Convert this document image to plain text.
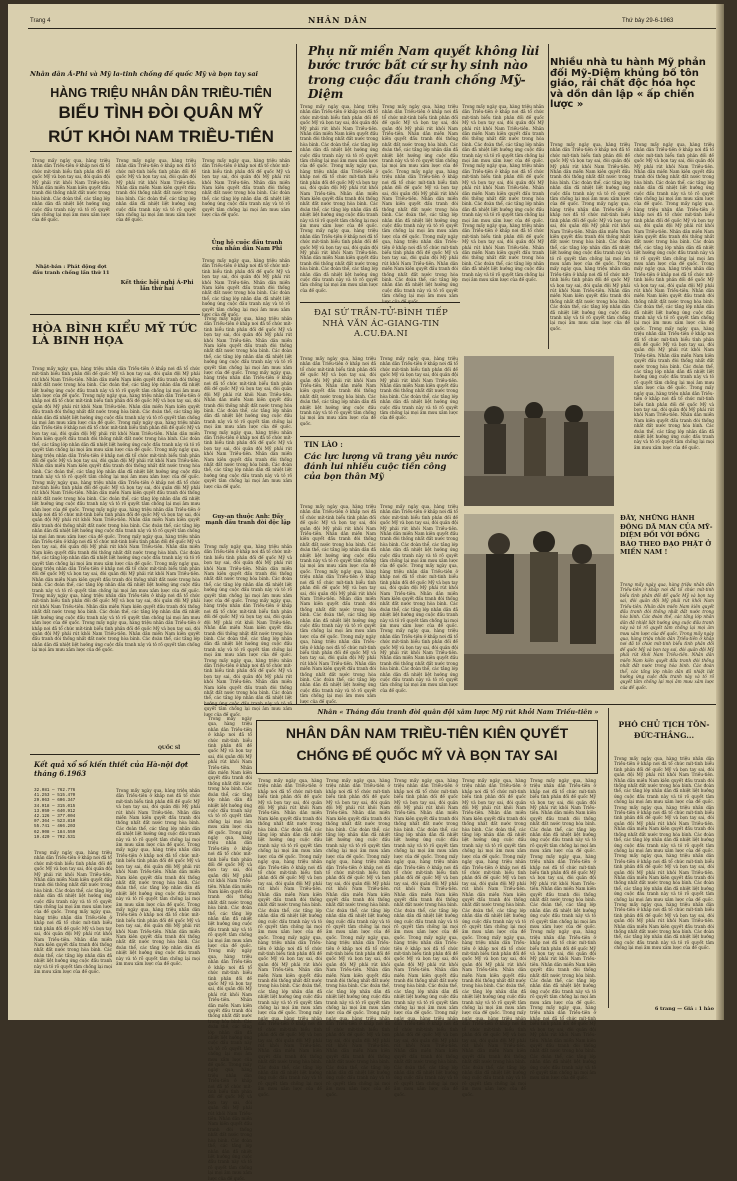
Trang 4	NHÂN DÂN	Thứ bảy 29-6-1963
Nhân dân Á-Phi và Mỹ la-tinh chống đế quốc Mỹ và bọn tay sai
HÀNG TRIỆU NHÂN DÂN TRIỀU-TIÊN
BIỂU TÌNH ĐÒI QUÂN MỸ
RÚT KHỎI NAM TRIỀU-TIÊN
Trong mấy ngày qua, hàng triệu nhân dân Triều-tiên ở khắp nơi đã tổ chức mít-tinh biểu tình phản đối đế quốc Mỹ và bọn tay sai, đòi quân đội Mỹ phải rút khỏi Nam Triều-tiên. Nhân dân miền Nam kiên quyết đấu tranh đòi thống nhất đất nước trong hòa bình. Các đoàn thể, các tầng lớp nhân dân đã nhiệt liệt hưởng ứng cuộc đấu tranh này và tỏ rõ quyết tâm chống lại mọi âm mưu xâm lược của đế quốc.
Trong mấy ngày qua, hàng triệu nhân dân Triều-tiên ở khắp nơi đã tổ chức mít-tinh biểu tình phản đối đế quốc Mỹ và bọn tay sai, đòi quân đội Mỹ phải rút khỏi Nam Triều-tiên. Nhân dân miền Nam kiên quyết đấu tranh đòi thống nhất đất nước trong hòa bình. Các đoàn thể, các tầng lớp nhân dân đã nhiệt liệt hưởng ứng cuộc đấu tranh này và tỏ rõ quyết tâm chống lại mọi âm mưu xâm lược của đế quốc.
Trong mấy ngày qua, hàng triệu nhân dân Triều-tiên ở khắp nơi đã tổ chức mít-tinh biểu tình phản đối đế quốc Mỹ và bọn tay sai, đòi quân đội Mỹ phải rút khỏi Nam Triều-tiên. Nhân dân miền Nam kiên quyết đấu tranh đòi thống nhất đất nước trong hòa bình. Các đoàn thể, các tầng lớp nhân dân đã nhiệt liệt hưởng ứng cuộc đấu tranh này và tỏ rõ quyết tâm chống lại mọi âm mưu xâm lược của đế quốc.
Nhật-bản : Phát động đợt đấu tranh chống lần thứ 11
Ủng hộ cuộc đấu tranh của nhân dân Nam Phi
Trong mấy ngày qua, hàng triệu nhân dân Triều-tiên ở khắp nơi đã tổ chức mít-tinh biểu tình phản đối đế quốc Mỹ và bọn tay sai, đòi quân đội Mỹ phải rút khỏi Nam Triều-tiên. Nhân dân miền Nam kiên quyết đấu tranh đòi thống nhất đất nước trong hòa bình. Các đoàn thể, các tầng lớp nhân dân đã nhiệt liệt hưởng ứng cuộc đấu tranh này và tỏ rõ quyết tâm chống lại mọi âm mưu xâm lược của đế quốc.
Kết thúc hội nghị Á-Phi lần thứ hai
HÒA BÌNH KIỂU MỸ TỨC LÀ BINH HỌA
Trong mấy ngày qua, hàng triệu nhân dân Triều-tiên ở khắp nơi đã tổ chức mít-tinh biểu tình phản đối đế quốc Mỹ và bọn tay sai, đòi quân đội Mỹ phải rút khỏi Nam Triều-tiên. Nhân dân miền Nam kiên quyết đấu tranh đòi thống nhất đất nước trong hòa bình. Các đoàn thể, các tầng lớp nhân dân đã nhiệt liệt hưởng ứng cuộc đấu tranh này và tỏ rõ quyết tâm chống lại mọi âm mưu xâm lược của đế quốc. Trong mấy ngày qua, hàng triệu nhân dân Triều-tiên ở khắp nơi đã tổ chức mít-tinh biểu tình phản đối đế quốc Mỹ và bọn tay sai, đòi quân đội Mỹ phải rút khỏi Nam Triều-tiên. Nhân dân miền Nam kiên quyết đấu tranh đòi thống nhất đất nước trong hòa bình. Các đoàn thể, các tầng lớp nhân dân đã nhiệt liệt hưởng ứng cuộc đấu tranh này và tỏ rõ quyết tâm chống lại mọi âm mưu xâm lược của đế quốc. Trong mấy ngày qua, hàng triệu nhân dân Triều-tiên ở khắp nơi đã tổ chức mít-tinh biểu tình phản đối đế quốc Mỹ và bọn tay sai, đòi quân đội Mỹ phải rút khỏi Nam Triều-tiên. Nhân dân miền Nam kiên quyết đấu tranh đòi thống nhất đất nước trong hòa bình. Các đoàn thể, các tầng lớp nhân dân đã nhiệt liệt hưởng ứng cuộc đấu tranh này và tỏ rõ quyết tâm chống lại mọi âm mưu xâm lược của đế quốc. Trong mấy ngày qua, hàng triệu nhân dân Triều-tiên ở khắp nơi đã tổ chức mít-tinh biểu tình phản đối đế quốc Mỹ và bọn tay sai, đòi quân đội Mỹ phải rút khỏi Nam Triều-tiên. Nhân dân miền Nam kiên quyết đấu tranh đòi thống nhất đất nước trong hòa bình. Các đoàn thể, các tầng lớp nhân dân đã nhiệt liệt hưởng ứng cuộc đấu tranh này và tỏ rõ quyết tâm chống lại mọi âm mưu xâm lược của đế quốc. Trong mấy ngày qua, hàng triệu nhân dân Triều-tiên ở khắp nơi đã tổ chức mít-tinh biểu tình phản đối đế quốc Mỹ và bọn tay sai, đòi quân đội Mỹ phải rút khỏi Nam Triều-tiên. Nhân dân miền Nam kiên quyết đấu tranh đòi thống nhất đất nước trong hòa bình. Các đoàn thể, các tầng lớp nhân dân đã nhiệt liệt hưởng ứng cuộc đấu tranh này và tỏ rõ quyết tâm chống lại mọi âm mưu xâm lược của đế quốc. Trong mấy ngày qua, hàng triệu nhân dân Triều-tiên ở khắp nơi đã tổ chức mít-tinh biểu tình phản đối đế quốc Mỹ và bọn tay sai, đòi quân đội Mỹ phải rút khỏi Nam Triều-tiên. Nhân dân miền Nam kiên quyết đấu tranh đòi thống nhất đất nước trong hòa bình. Các đoàn thể, các tầng lớp nhân dân đã nhiệt liệt hưởng ứng cuộc đấu tranh này và tỏ rõ quyết tâm chống lại mọi âm mưu xâm lược của đế quốc. Trong mấy ngày qua, hàng triệu nhân dân Triều-tiên ở khắp nơi đã tổ chức mít-tinh biểu tình phản đối đế quốc Mỹ và bọn tay sai, đòi quân đội Mỹ phải rút khỏi Nam Triều-tiên. Nhân dân miền Nam kiên quyết đấu tranh đòi thống nhất đất nước trong hòa bình. Các đoàn thể, các tầng lớp nhân dân đã nhiệt liệt hưởng ứng cuộc đấu tranh này và tỏ rõ quyết tâm chống lại mọi âm mưu xâm lược của đế quốc. Trong mấy ngày qua, hàng triệu nhân dân Triều-tiên ở khắp nơi đã tổ chức mít-tinh biểu tình phản đối đế quốc Mỹ và bọn tay sai, đòi quân đội Mỹ phải rút khỏi Nam Triều-tiên. Nhân dân miền Nam kiên quyết đấu tranh đòi thống nhất đất nước trong hòa bình. Các đoàn thể, các tầng lớp nhân dân đã nhiệt liệt hưởng ứng cuộc đấu tranh này và tỏ rõ quyết tâm chống lại mọi âm mưu xâm lược của đế quốc. Trong mấy ngày qua, hàng triệu nhân dân Triều-tiên ở khắp nơi đã tổ chức mít-tinh biểu tình phản đối đế quốc Mỹ và bọn tay sai, đòi quân đội Mỹ phải rút khỏi Nam Triều-tiên. Nhân dân miền Nam kiên quyết đấu tranh đòi thống nhất đất nước trong hòa bình. Các đoàn thể, các tầng lớp nhân dân đã nhiệt liệt hưởng ứng cuộc đấu tranh này và tỏ rõ quyết tâm chống lại mọi âm mưu xâm lược của đế quốc. Trong mấy ngày qua, hàng triệu nhân dân Triều-tiên ở khắp nơi đã tổ chức mít-tinh biểu tình phản đối đế quốc Mỹ và bọn tay sai, đòi quân đội Mỹ phải rút khỏi Nam Triều-tiên. Nhân dân miền Nam kiên quyết đấu tranh đòi thống nhất đất nước trong hòa bình. Các đoàn thể, các tầng lớp nhân dân đã nhiệt liệt hưởng ứng cuộc đấu tranh này và tỏ rõ quyết tâm chống lại mọi âm mưu xâm lược của đế quốc.
QUỐC SĨ
Trong mấy ngày qua, hàng triệu nhân dân Triều-tiên ở khắp nơi đã tổ chức mít-tinh biểu tình phản đối đế quốc Mỹ và bọn tay sai, đòi quân đội Mỹ phải rút khỏi Nam Triều-tiên. Nhân dân miền Nam kiên quyết đấu tranh đòi thống nhất đất nước trong hòa bình. Các đoàn thể, các tầng lớp nhân dân đã nhiệt liệt hưởng ứng cuộc đấu tranh này và tỏ rõ quyết tâm chống lại mọi âm mưu xâm lược của đế quốc. Trong mấy ngày qua, hàng triệu nhân dân Triều-tiên ở khắp nơi đã tổ chức mít-tinh biểu tình phản đối đế quốc Mỹ và bọn tay sai, đòi quân đội Mỹ phải rút khỏi Nam Triều-tiên. Nhân dân miền Nam kiên quyết đấu tranh đòi thống nhất đất nước trong hòa bình. Các đoàn thể, các tầng lớp nhân dân đã nhiệt liệt hưởng ứng cuộc đấu tranh này và tỏ rõ quyết tâm chống lại mọi âm mưu xâm lược của đế quốc. Trong mấy ngày qua, hàng triệu nhân dân Triều-tiên ở khắp nơi đã tổ chức mít-tinh biểu tình phản đối đế quốc Mỹ và bọn tay sai, đòi quân đội Mỹ phải rút khỏi Nam Triều-tiên. Nhân dân miền Nam kiên quyết đấu tranh đòi thống nhất đất nước trong hòa bình. Các đoàn thể, các tầng lớp nhân dân đã nhiệt liệt hưởng ứng cuộc đấu tranh này và tỏ rõ quyết tâm chống lại mọi âm mưu xâm lược của đế quốc.
Guy-an thuộc Anh: Đấy mạnh đấu tranh đòi độc lập
Trong mấy ngày qua, hàng triệu nhân dân Triều-tiên ở khắp nơi đã tổ chức mít-tinh biểu tình phản đối đế quốc Mỹ và bọn tay sai, đòi quân đội Mỹ phải rút khỏi Nam Triều-tiên. Nhân dân miền Nam kiên quyết đấu tranh đòi thống nhất đất nước trong hòa bình. Các đoàn thể, các tầng lớp nhân dân đã nhiệt liệt hưởng ứng cuộc đấu tranh này và tỏ rõ quyết tâm chống lại mọi âm mưu xâm lược của đế quốc. Trong mấy ngày qua, hàng triệu nhân dân Triều-tiên ở khắp nơi đã tổ chức mít-tinh biểu tình phản đối đế quốc Mỹ và bọn tay sai, đòi quân đội Mỹ phải rút khỏi Nam Triều-tiên. Nhân dân miền Nam kiên quyết đấu tranh đòi thống nhất đất nước trong hòa bình. Các đoàn thể, các tầng lớp nhân dân đã nhiệt liệt hưởng ứng cuộc đấu tranh này và tỏ rõ quyết tâm chống lại mọi âm mưu xâm lược của đế quốc. Trong mấy ngày qua, hàng triệu nhân dân Triều-tiên ở khắp nơi đã tổ chức mít-tinh biểu tình phản đối đế quốc Mỹ và bọn tay sai, đòi quân đội Mỹ phải rút khỏi Nam Triều-tiên. Nhân dân miền Nam kiên quyết đấu tranh đòi thống nhất đất nước trong hòa bình. Các đoàn thể, các tầng lớp nhân dân đã nhiệt liệt quyết tâm chống lại mọi âm mưu xâm lược của đế quốc.
Kết quả xổ số kiến thiết của Hà-nội đợt tháng 6.1963
32.081 — 762.776
41.253 — 515.470
29.063 — 606.347
34.918 — 315.015
13.050 — 640.912
42.126 — 377.004
07.364 — 523.810
55.741 — 466.203
62.908 — 184.559
19.420 — 702.531
Trong mấy ngày qua, hàng triệu nhân dân Triều-tiên ở khắp nơi đã tổ chức mít-tinh biểu tình phản đối đế quốc Mỹ và bọn tay sai, đòi quân đội Mỹ phải rút khỏi Nam Triều-tiên. Nhân dân miền Nam kiên quyết đấu tranh đòi thống nhất đất nước trong hòa bình. Các đoàn thể, các tầng lớp nhân dân đã nhiệt liệt hưởng ứng cuộc đấu tranh này và tỏ rõ quyết tâm chống lại mọi âm mưu xâm lược của đế quốc. Trong mấy ngày qua, hàng triệu nhân dân Triều-tiên ở khắp nơi đã tổ chức mít-tinh biểu tình phản đối đế quốc Mỹ và bọn tay sai, đòi quân đội Mỹ phải rút khỏi Nam Triều-tiên. Nhân dân miền Nam kiên quyết đấu tranh đòi thống nhất đất nước trong hòa bình. Các đoàn thể, các tầng lớp nhân dân đã nhiệt liệt hưởng ứng cuộc đấu tranh này và tỏ rõ quyết tâm chống lại mọi âm mưu xâm lược của đế quốc. Trong mấy ngày qua, hàng triệu nhân dân Triều-tiên ở khắp nơi đã tổ chức mít-tinh biểu tình phản đối đế quốc Mỹ và bọn tay sai, đòi quân đội Mỹ phải rút khỏi Nam Triều-tiên. Nhân dân miền Nam kiên quyết đấu tranh đòi thống nhất đất nước trong hòa bình. Các đoàn thể, các tầng lớp nhân dân đã nhiệt liệt hưởng ứng cuộc đấu tranh này và tỏ rõ quyết tâm chống lại mọi âm mưu xâm lược của đế quốc.
Trong mấy ngày qua, hàng triệu nhân dân Triều-tiên ở khắp nơi đã tổ chức mít-tinh biểu tình phản đối đế quốc Mỹ và bọn tay sai, đòi quân đội Mỹ phải rút khỏi Nam Triều-tiên. Nhân dân miền Nam kiên quyết đấu tranh đòi thống nhất đất nước trong hòa bình. Các đoàn thể, các tầng lớp nhân dân đã nhiệt liệt hưởng ứng cuộc đấu tranh này và tỏ rõ quyết tâm chống lại mọi âm mưu xâm lược của đế quốc. Trong mấy ngày qua, hàng triệu nhân dân Triều-tiên ở khắp nơi đã tổ chức mít-tinh biểu tình phản đối đế quốc Mỹ và bọn tay sai, đòi quân đội Mỹ phải rút khỏi Nam Triều-tiên. Nhân dân miền Nam kiên quyết đấu tranh đòi thống nhất đất nước trong hòa bình. Các đoàn thể, các tầng lớp nhân dân đã nhiệt liệt hưởng ứng cuộc đấu tranh này và tỏ rõ quyết tâm chống lại mọi âm mưu xâm lược của đế quốc.
Phụ nữ miền Nam quyết không lùi bước trước bất cứ sự hy sinh nào trong cuộc đấu tranh chống Mỹ-Diệm
Trong mấy ngày qua, hàng triệu nhân dân Triều-tiên ở khắp nơi đã tổ chức mít-tinh biểu tình phản đối đế quốc Mỹ và bọn tay sai, đòi quân đội Mỹ phải rút khỏi Nam Triều-tiên. Nhân dân miền Nam kiên quyết đấu tranh đòi thống nhất đất nước trong hòa bình. Các đoàn thể, các tầng lớp nhân dân đã nhiệt liệt hưởng ứng cuộc đấu tranh này và tỏ rõ quyết tâm chống lại mọi âm mưu xâm lược của đế quốc. Trong mấy ngày qua, hàng triệu nhân dân Triều-tiên ở khắp nơi đã tổ chức mít-tinh biểu tình phản đối đế quốc Mỹ và bọn tay sai, đòi quân đội Mỹ phải rút khỏi Nam Triều-tiên. Nhân dân miền Nam kiên quyết đấu tranh đòi thống nhất đất nước trong hòa bình. Các đoàn thể, các tầng lớp nhân dân đã nhiệt liệt hưởng ứng cuộc đấu tranh này và tỏ rõ quyết tâm chống lại mọi âm mưu xâm lược của đế quốc. Trong mấy ngày qua, hàng triệu nhân dân Triều-tiên ở khắp nơi đã tổ chức mít-tinh biểu tình phản đối đế quốc Mỹ và bọn tay sai, đòi quân đội Mỹ phải rút khỏi Nam Triều-tiên. Nhân dân miền Nam kiên quyết đấu tranh đòi thống nhất đất nước trong hòa bình. Các đoàn thể, các tầng lớp nhân dân đã nhiệt liệt hưởng ứng cuộc đấu tranh này và tỏ rõ quyết tâm chống lại mọi âm mưu xâm lược của đế quốc.
Trong mấy ngày qua, hàng triệu nhân dân Triều-tiên ở khắp nơi đã tổ chức mít-tinh biểu tình phản đối đế quốc Mỹ và bọn tay sai, đòi quân đội Mỹ phải rút khỏi Nam Triều-tiên. Nhân dân miền Nam kiên quyết đấu tranh đòi thống nhất đất nước trong hòa bình. Các đoàn thể, các tầng lớp nhân dân đã nhiệt liệt hưởng ứng cuộc đấu tranh này và tỏ rõ quyết tâm chống lại mọi âm mưu xâm lược của đế quốc. Trong mấy ngày qua, hàng triệu nhân dân Triều-tiên ở khắp nơi đã tổ chức mít-tinh biểu tình phản đối đế quốc Mỹ và bọn tay sai, đòi quân đội Mỹ phải rút khỏi Nam Triều-tiên. Nhân dân miền Nam kiên quyết đấu tranh đòi thống nhất đất nước trong hòa bình. Các đoàn thể, các tầng lớp nhân dân đã nhiệt liệt hưởng ứng cuộc đấu tranh này và tỏ rõ quyết tâm chống lại mọi âm mưu xâm lược của đế quốc. Trong mấy ngày qua, hàng triệu nhân dân Triều-tiên ở khắp nơi đã tổ chức mít-tinh biểu tình phản đối đế quốc Mỹ và bọn tay sai, đòi quân đội Mỹ phải rút khỏi Nam Triều-tiên. Nhân dân miền Nam kiên quyết đấu tranh đòi thống nhất đất nước trong hòa bình. Các đoàn thể, các tầng lớp nhân dân đã nhiệt liệt hưởng ứng cuộc đấu tranh này và tỏ rõ quyết tâm chống lại mọi âm mưu xâm
Trong mấy ngày qua, hàng triệu nhân dân Triều-tiên ở khắp nơi đã tổ chức mít-tinh biểu tình phản đối đế quốc Mỹ và bọn tay sai, đòi quân đội Mỹ phải rút khỏi Nam Triều-tiên. Nhân dân miền Nam kiên quyết đấu tranh đòi thống nhất đất nước trong hòa bình. Các đoàn thể, các tầng lớp nhân dân đã nhiệt liệt hưởng ứng cuộc đấu tranh này và tỏ rõ quyết tâm chống lại mọi âm mưu xâm lược của đế quốc. Trong mấy ngày qua, hàng triệu nhân dân Triều-tiên ở khắp nơi đã tổ chức mít-tinh biểu tình phản đối đế quốc Mỹ và bọn tay sai, đòi quân đội Mỹ phải rút khỏi Nam Triều-tiên. Nhân dân miền Nam kiên quyết đấu tranh đòi thống nhất đất nước trong hòa bình. Các đoàn thể, các tầng lớp nhân dân đã nhiệt liệt hưởng ứng cuộc đấu tranh này và tỏ rõ quyết tâm chống lại mọi âm mưu xâm lược của đế quốc. Trong mấy ngày qua, hàng triệu nhân dân Triều-tiên ở khắp nơi đã tổ chức mít-tinh biểu tình phản đối đế quốc Mỹ và bọn tay sai, đòi quân đội Mỹ phải rút khỏi Nam Triều-tiên. Nhân dân miền Nam kiên quyết đấu tranh đòi thống nhất đất nước trong hòa bình. Các đoàn thể, các tầng lớp nhân dân đã nhiệt liệt hưởng ứng cuộc đấu tranh này và tỏ rõ quyết tâm chống lại mọi âm mưu xâm lược của đế quốc.
ĐẠI SỨ TRẦN-TỬ-BÌNH TIẾP NHÀ VĂN ÁC-GIANG-TIN A.CU.ĐA.NI
Trong mấy ngày qua, hàng triệu nhân dân Triều-tiên ở khắp nơi đã tổ chức mít-tinh biểu tình phản đối đế quốc Mỹ và bọn tay sai, đòi quân đội Mỹ phải rút khỏi Nam Triều-tiên. Nhân dân miền Nam kiên quyết đấu tranh đòi thống nhất đất nước trong hòa bình. Các đoàn thể, các tầng lớp nhân dân đã nhiệt liệt hưởng ứng cuộc đấu tranh này và tỏ rõ quyết tâm chống lại mọi âm mưu xâm lược của đế quốc.
Trong mấy ngày qua, hàng triệu nhân dân Triều-tiên ở khắp nơi đã tổ chức mít-tinh biểu tình phản đối đế quốc Mỹ và bọn tay sai, đòi quân đội Mỹ phải rút khỏi Nam Triều-tiên. Nhân dân miền Nam kiên quyết đấu tranh đòi thống nhất đất nước trong hòa bình. Các đoàn thể, các tầng lớp nhân dân đã nhiệt liệt hưởng ứng cuộc đấu tranh này và tỏ rõ quyết tâm chống lại mọi âm mưu xâm lược của đế quốc.
TIN LÀO :
Các lực lượng vũ trang yêu nước đánh lui nhiều cuộc tiến công của bọn thân Mỹ
Trong mấy ngày qua, hàng triệu nhân dân Triều-tiên ở khắp nơi đã tổ chức mít-tinh biểu tình phản đối đế quốc Mỹ và bọn tay sai, đòi quân đội Mỹ phải rút khỏi Nam Triều-tiên. Nhân dân miền Nam kiên quyết đấu tranh đòi thống nhất đất nước trong hòa bình. Các đoàn thể, các tầng lớp nhân dân đã nhiệt liệt hưởng ứng cuộc đấu tranh này và tỏ rõ quyết tâm chống lại mọi âm mưu xâm lược của đế quốc. Trong mấy ngày qua, hàng triệu nhân dân Triều-tiên ở khắp nơi đã tổ chức mít-tinh biểu tình phản đối đế quốc Mỹ và bọn tay sai, đòi quân đội Mỹ phải rút khỏi Nam Triều-tiên. Nhân dân miền Nam kiên quyết đấu tranh đòi thống nhất đất nước trong hòa bình. Các đoàn thể, các tầng lớp nhân dân đã nhiệt liệt hưởng ứng cuộc đấu tranh này và tỏ rõ quyết tâm chống lại mọi âm mưu xâm lược của đế quốc. Trong mấy ngày qua, hàng triệu nhân dân Triều-tiên ở khắp nơi đã tổ chức mít-tinh biểu tình phản đối đế quốc Mỹ và bọn tay sai, đòi quân đội Mỹ phải rút khỏi Nam Triều-tiên. Nhân dân miền Nam kiên quyết đấu tranh đòi thống nhất đất nước trong hòa bình. Các đoàn thể, các tầng lớp nhân dân đã nhiệt liệt hưởng ứng cuộc đấu tranh này và tỏ rõ quyết tâm chống lại mọi âm mưu xâm lược của đế quốc.
Trong mấy ngày qua, hàng triệu nhân dân Triều-tiên ở khắp nơi đã tổ chức mít-tinh biểu tình phản đối đế quốc Mỹ và bọn tay sai, đòi quân đội Mỹ phải rút khỏi Nam Triều-tiên. Nhân dân miền Nam kiên quyết đấu tranh đòi thống nhất đất nước trong hòa bình. Các đoàn thể, các tầng lớp nhân dân đã nhiệt liệt hưởng ứng cuộc đấu tranh này và tỏ rõ quyết tâm chống lại mọi âm mưu xâm lược của đế quốc. Trong mấy ngày qua, hàng triệu nhân dân Triều-tiên ở khắp nơi đã tổ chức mít-tinh biểu tình phản đối đế quốc Mỹ và bọn tay sai, đòi quân đội Mỹ phải rút khỏi Nam Triều-tiên. Nhân dân miền Nam kiên quyết đấu tranh đòi thống nhất đất nước trong hòa bình. Các đoàn thể, các tầng lớp nhân dân đã nhiệt liệt hưởng ứng cuộc đấu tranh này và tỏ rõ quyết tâm chống lại mọi âm mưu xâm lược của đế quốc. Trong mấy ngày qua, hàng triệu nhân dân Triều-tiên ở khắp nơi đã tổ chức mít-tinh biểu tình phản đối đế quốc Mỹ và bọn tay sai, đòi quân đội Mỹ phải rút khỏi Nam Triều-tiên. Nhân dân miền Nam kiên quyết đấu tranh đòi thống nhất đất nước trong hòa bình. Các đoàn thể, các tầng lớp nhân dân đã nhiệt liệt hưởng ứng cuộc đấu tranh này và tỏ rõ quyết tâm chống lại mọi âm mưu xâm lược của đế quốc.
Nhiều nhà tu hành Mỹ phản đối Mỹ-Diệm khủng bố tôn giáo, rải chất độc hóa học và dồn dân lập « ấp chiến lược »
Trong mấy ngày qua, hàng triệu nhân dân Triều-tiên ở khắp nơi đã tổ chức mít-tinh biểu tình phản đối đế quốc Mỹ và bọn tay sai, đòi quân đội Mỹ phải rút khỏi Nam Triều-tiên. Nhân dân miền Nam kiên quyết đấu tranh đòi thống nhất đất nước trong hòa bình. Các đoàn thể, các tầng lớp nhân dân đã nhiệt liệt hưởng ứng cuộc đấu tranh này và tỏ rõ quyết tâm chống lại mọi âm mưu xâm lược của đế quốc. Trong mấy ngày qua, hàng triệu nhân dân Triều-tiên ở khắp nơi đã tổ chức mít-tinh biểu tình phản đối đế quốc Mỹ và bọn tay sai, đòi quân đội Mỹ phải rút khỏi Nam Triều-tiên. Nhân dân miền Nam kiên quyết đấu tranh đòi thống nhất đất nước trong hòa bình. Các đoàn thể, các tầng lớp nhân dân đã nhiệt liệt hưởng ứng cuộc đấu tranh này và tỏ rõ quyết tâm chống lại mọi âm mưu xâm lược của đế quốc. Trong mấy ngày qua, hàng triệu nhân dân Triều-tiên ở khắp nơi đã tổ chức mít-tinh biểu tình phản đối đế quốc Mỹ và bọn tay sai, đòi quân đội Mỹ phải rút khỏi Nam Triều-tiên. Nhân dân miền Nam kiên quyết đấu tranh đòi thống nhất đất nước trong hòa bình. Các đoàn thể, các tầng lớp nhân dân đã nhiệt liệt hưởng ứng cuộc đấu tranh này và tỏ rõ quyết tâm chống lại mọi âm mưu xâm lược của đế quốc.
Trong mấy ngày qua, hàng triệu nhân dân Triều-tiên ở khắp nơi đã tổ chức mít-tinh biểu tình phản đối đế quốc Mỹ và bọn tay sai, đòi quân đội Mỹ phải rút khỏi Nam Triều-tiên. Nhân dân miền Nam kiên quyết đấu tranh đòi thống nhất đất nước trong hòa bình. Các đoàn thể, các tầng lớp nhân dân đã nhiệt liệt hưởng ứng cuộc đấu tranh này và tỏ rõ quyết tâm chống lại mọi âm mưu xâm lược của đế quốc. Trong mấy ngày qua, hàng triệu nhân dân Triều-tiên ở khắp nơi đã tổ chức mít-tinh biểu tình phản đối đế quốc Mỹ và bọn tay sai, đòi quân đội Mỹ phải rút khỏi Nam Triều-tiên. Nhân dân miền Nam kiên quyết đấu tranh đòi thống nhất đất nước trong hòa bình. Các đoàn thể, các tầng lớp nhân dân đã nhiệt liệt hưởng ứng cuộc đấu tranh này và tỏ rõ quyết tâm chống lại mọi âm mưu xâm lược của đế quốc. Trong mấy ngày qua, hàng triệu nhân dân Triều-tiên ở khắp nơi đã tổ chức mít-tinh biểu tình phản đối đế quốc Mỹ và bọn tay sai, đòi quân đội Mỹ phải rút khỏi Nam Triều-tiên. Nhân dân miền Nam kiên quyết đấu tranh đòi thống nhất đất nước trong hòa bình. Các đoàn thể, các tầng lớp nhân dân đã nhiệt liệt hưởng ứng cuộc đấu tranh này và tỏ rõ quyết tâm chống lại mọi âm mưu xâm lược của đế quốc. Trong mấy ngày qua, hàng triệu nhân dân Triều-tiên ở khắp nơi đã tổ chức mít-tinh biểu tình phản đối đế quốc Mỹ và bọn tay sai, đòi quân đội Mỹ phải rút khỏi Nam Triều-tiên. Nhân dân miền Nam kiên quyết đấu tranh đòi thống nhất đất nước trong hòa bình. Các đoàn thể, các tầng lớp nhân dân đã nhiệt liệt hưởng ứng cuộc đấu tranh này và tỏ rõ quyết tâm chống lại mọi âm mưu xâm lược của đế quốc. Trong mấy ngày qua, hàng triệu nhân dân Triều-tiên ở khắp nơi đã tổ chức mít-tinh biểu tình phản đối đế quốc Mỹ và bọn tay sai, đòi quân đội Mỹ phải rút khỏi Nam Triều-tiên. Nhân dân miền Nam kiên quyết đấu tranh đòi thống nhất đất nước trong hòa bình. Các đoàn thể, các tầng lớp nhân dân đã nhiệt liệt hưởng ứng cuộc đấu tranh này và tỏ rõ quyết tâm chống lại mọi âm mưu xâm lược của đế quốc.
ĐÂY, NHỮNG HÀNH ĐỘNG DÃ MAN CỦA MỸ-DIỆM ĐỐI VỚI ĐỒNG BÀO THEO ĐẠO PHẬT Ở MIỀN NAM !
Trong mấy ngày qua, hàng triệu nhân dân Triều-tiên ở khắp nơi đã tổ chức mít-tinh biểu tình phản đối đế quốc Mỹ và bọn tay sai, đòi quân đội Mỹ phải rút khỏi Nam Triều-tiên. Nhân dân miền Nam kiên quyết đấu tranh đòi thống nhất đất nước trong hòa bình. Các đoàn thể, các tầng lớp nhân dân đã nhiệt liệt hưởng ứng cuộc đấu tranh này và tỏ rõ quyết tâm chống lại mọi âm mưu xâm lược của đế quốc. Trong mấy ngày qua, hàng triệu nhân dân Triều-tiên ở khắp nơi đã tổ chức mít-tinh biểu tình phản đối đế quốc Mỹ và bọn tay sai, đòi quân đội Mỹ phải rút khỏi Nam Triều-tiên. Nhân dân miền Nam kiên quyết đấu tranh đòi thống nhất đất nước trong hòa bình. Các đoàn thể, các tầng lớp nhân dân đã nhiệt liệt hưởng ứng cuộc đấu tranh này và tỏ rõ quyết tâm chống lại mọi âm mưu xâm lược của đế quốc.
Nhân « Tháng đấu tranh đòi quân đội xâm lược Mỹ rút khỏi Nam Triều-tiên »
NHÂN DÂN NAM TRIỀU-TIÊN KIÊN QUYẾT
CHỐNG ĐẾ QUỐC MỸ VÀ BỌN TAY SAI
Trong mấy ngày qua, hàng triệu nhân dân Triều-tiên ở khắp nơi đã tổ chức mít-tinh biểu tình phản đối đế quốc Mỹ và bọn tay sai, đòi quân đội Mỹ phải rút khỏi Nam Triều-tiên. Nhân dân miền Nam kiên quyết đấu tranh đòi thống nhất đất nước trong hòa bình. Các đoàn thể, các tầng lớp nhân dân đã nhiệt liệt hưởng ứng cuộc đấu tranh này và tỏ rõ quyết tâm chống lại mọi âm mưu xâm lược của đế quốc. Trong mấy ngày qua, hàng triệu nhân dân Triều-tiên ở khắp nơi đã tổ chức mít-tinh biểu tình phản đối đế quốc Mỹ và bọn tay sai, đòi quân đội Mỹ phải rút khỏi Nam Triều-tiên. Nhân dân miền Nam kiên quyết đấu tranh đòi thống nhất đất nước trong hòa bình. Các đoàn thể, các tầng lớp nhân dân đã nhiệt liệt hưởng ứng cuộc đấu tranh này và tỏ rõ quyết tâm chống lại mọi âm mưu xâm lược của đế quốc. Trong mấy ngày qua, hàng triệu nhân dân Triều-tiên ở khắp nơi đã tổ chức mít-tinh biểu tình phản đối đế quốc Mỹ và bọn tay sai, đòi quân đội Mỹ phải rút khỏi Nam Triều-tiên. Nhân dân miền Nam kiên quyết đấu tranh đòi thống nhất đất nước trong hòa bình. Các đoàn thể, các tầng lớp nhân dân đã nhiệt liệt hưởng ứng cuộc đấu tranh này và tỏ rõ quyết tâm chống lại mọi âm mưu xâm lược của đế quốc. Trong mấy ngày qua, hàng triệu nhân dân Triều-tiên ở khắp nơi đã tổ chức mít-tinh biểu tình phản đối đế quốc Mỹ và bọn tay sai, đòi quân đội Mỹ phải rút khỏi Nam Triều-tiên. Nhân dân miền Nam kiên quyết đấu tranh đòi thống nhất đất nước trong hòa bình. Các đoàn thể, các tầng lớp nhân dân đã nhiệt liệt hưởng ứng cuộc đấu tranh này và tỏ rõ quyết tâm chống lại mọi âm mưu xâm lược của đế quốc.
Trong mấy ngày qua, hàng triệu nhân dân Triều-tiên ở khắp nơi đã tổ chức mít-tinh biểu tình phản đối đế quốc Mỹ và bọn tay sai, đòi quân đội Mỹ phải rút khỏi Nam Triều-tiên. Nhân dân miền Nam kiên quyết đấu tranh đòi thống nhất đất nước trong hòa bình. Các đoàn thể, các tầng lớp nhân dân đã nhiệt liệt hưởng ứng cuộc đấu tranh này và tỏ rõ quyết tâm chống lại mọi âm mưu xâm lược của đế quốc. Trong mấy ngày qua, hàng triệu nhân dân Triều-tiên ở khắp nơi đã tổ chức mít-tinh biểu tình phản đối đế quốc Mỹ và bọn tay sai, đòi quân đội Mỹ phải rút khỏi Nam Triều-tiên. Nhân dân miền Nam kiên quyết đấu tranh đòi thống nhất đất nước trong hòa bình. Các đoàn thể, các tầng lớp nhân dân đã nhiệt liệt hưởng ứng cuộc đấu tranh này và tỏ rõ quyết tâm chống lại mọi âm mưu xâm lược của đế quốc. Trong mấy ngày qua, hàng triệu nhân dân Triều-tiên ở khắp nơi đã tổ chức mít-tinh biểu tình phản đối đế quốc Mỹ và bọn tay sai, đòi quân đội Mỹ phải rút khỏi Nam Triều-tiên. Nhân dân miền Nam kiên quyết đấu tranh đòi thống nhất đất nước trong hòa bình. Các đoàn thể, các tầng lớp nhân dân đã nhiệt liệt hưởng ứng cuộc đấu tranh này và tỏ rõ quyết tâm chống lại mọi âm mưu xâm lược của đế quốc. Trong mấy ngày qua, hàng triệu nhân dân Triều-tiên ở khắp nơi đã tổ chức mít-tinh biểu tình phản đối đế quốc Mỹ và bọn tay sai, đòi quân đội Mỹ phải rút khỏi Nam Triều-tiên. Nhân dân miền Nam kiên quyết đấu tranh đòi thống nhất đất nước trong hòa bình. Các đoàn thể, các tầng lớp nhân dân đã nhiệt liệt hưởng ứng cuộc đấu tranh này và tỏ rõ quyết tâm chống lại mọi âm mưu xâm lược của đế quốc.
Trong mấy ngày qua, hàng triệu nhân dân Triều-tiên ở khắp nơi đã tổ chức mít-tinh biểu tình phản đối đế quốc Mỹ và bọn tay sai, đòi quân đội Mỹ phải rút khỏi Nam Triều-tiên. Nhân dân miền Nam kiên quyết đấu tranh đòi thống nhất đất nước trong hòa bình. Các đoàn thể, các tầng lớp nhân dân đã nhiệt liệt hưởng ứng cuộc đấu tranh này và tỏ rõ quyết tâm chống lại mọi âm mưu xâm lược của đế quốc. Trong mấy ngày qua, hàng triệu nhân dân Triều-tiên ở khắp nơi đã tổ chức mít-tinh biểu tình phản đối đế quốc Mỹ và bọn tay sai, đòi quân đội Mỹ phải rút khỏi Nam Triều-tiên. Nhân dân miền Nam kiên quyết đấu tranh đòi thống nhất đất nước trong hòa bình. Các đoàn thể, các tầng lớp nhân dân đã nhiệt liệt hưởng ứng cuộc đấu tranh này và tỏ rõ quyết tâm chống lại mọi âm mưu xâm lược của đế quốc. Trong mấy ngày qua, hàng triệu nhân dân Triều-tiên ở khắp nơi đã tổ chức mít-tinh biểu tình phản đối đế quốc Mỹ và bọn tay sai, đòi quân đội Mỹ phải rút khỏi Nam Triều-tiên. Nhân dân miền Nam kiên quyết đấu tranh đòi thống nhất đất nước trong hòa bình. Các đoàn thể, các tầng lớp nhân dân đã nhiệt liệt hưởng ứng cuộc đấu tranh này và tỏ rõ quyết tâm chống lại mọi âm mưu xâm lược của đế quốc. Trong mấy ngày qua, hàng triệu nhân dân Triều-tiên ở khắp nơi đã tổ chức mít-tinh biểu tình phản đối đế quốc Mỹ và bọn tay sai, đòi quân đội Mỹ phải rút khỏi Nam Triều-tiên. Nhân dân miền Nam kiên quyết đấu tranh đòi thống nhất đất nước trong hòa bình. Các đoàn thể, các tầng lớp nhân dân đã nhiệt liệt hưởng ứng cuộc đấu tranh này và tỏ rõ quyết tâm chống lại mọi âm mưu xâm lược của đế quốc.
Trong mấy ngày qua, hàng triệu nhân dân Triều-tiên ở khắp nơi đã tổ chức mít-tinh biểu tình phản đối đế quốc Mỹ và bọn tay sai, đòi quân đội Mỹ phải rút khỏi Nam Triều-tiên. Nhân dân miền Nam kiên quyết đấu tranh đòi thống nhất đất nước trong hòa bình. Các đoàn thể, các tầng lớp nhân dân đã nhiệt liệt hưởng ứng cuộc đấu tranh này và tỏ rõ quyết tâm chống lại mọi âm mưu xâm lược của đế quốc. Trong mấy ngày qua, hàng triệu nhân dân Triều-tiên ở khắp nơi đã tổ chức mít-tinh biểu tình phản đối đế quốc Mỹ và bọn tay sai, đòi quân đội Mỹ phải rút khỏi Nam Triều-tiên. Nhân dân miền Nam kiên quyết đấu tranh đòi thống nhất đất nước trong hòa bình. Các đoàn thể, các tầng lớp nhân dân đã nhiệt liệt hưởng ứng cuộc đấu tranh này và tỏ rõ quyết tâm chống lại mọi âm mưu xâm lược của đế quốc. Trong mấy ngày qua, hàng triệu nhân dân Triều-tiên ở khắp nơi đã tổ chức mít-tinh biểu tình phản đối đế quốc Mỹ và bọn tay sai, đòi quân đội Mỹ phải rút khỏi Nam Triều-tiên. Nhân dân miền Nam kiên quyết đấu tranh đòi thống nhất đất nước trong hòa bình. Các đoàn thể, các tầng lớp nhân dân đã nhiệt liệt hưởng ứng cuộc đấu tranh này và tỏ rõ quyết tâm chống lại mọi âm mưu xâm lược của đế quốc. Trong mấy ngày qua, hàng triệu nhân dân Triều-tiên ở khắp nơi đã tổ chức mít-tinh biểu tình phản đối đế quốc Mỹ và bọn tay sai, đòi quân đội Mỹ phải rút khỏi Nam Triều-tiên. Nhân dân miền Nam kiên quyết đấu tranh đòi thống nhất đất nước trong hòa bình. Các đoàn thể, các tầng lớp nhân dân đã nhiệt liệt hưởng ứng cuộc đấu tranh này và tỏ rõ quyết tâm chống lại mọi âm mưu xâm lược của đế quốc.
Trong mấy ngày qua, hàng triệu nhân dân Triều-tiên ở khắp nơi đã tổ chức mít-tinh biểu tình phản đối đế quốc Mỹ và bọn tay sai, đòi quân đội Mỹ phải rút khỏi Nam Triều-tiên. Nhân dân miền Nam kiên quyết đấu tranh đòi thống nhất đất nước trong hòa bình. Các đoàn thể, các tầng lớp nhân dân đã nhiệt liệt hưởng ứng cuộc đấu tranh này và tỏ rõ quyết tâm chống lại mọi âm mưu xâm lược của đế quốc. Trong mấy ngày qua, hàng triệu nhân dân Triều-tiên ở khắp nơi đã tổ chức mít-tinh biểu tình phản đối đế quốc Mỹ và bọn tay sai, đòi quân đội Mỹ phải rút khỏi Nam Triều-tiên. Nhân dân miền Nam kiên quyết đấu tranh đòi thống nhất đất nước trong hòa bình. Các đoàn thể, các tầng lớp nhân dân đã nhiệt liệt hưởng ứng cuộc đấu tranh này và tỏ rõ quyết tâm chống lại mọi âm mưu xâm lược của đế quốc. Trong mấy ngày qua, hàng triệu nhân dân Triều-tiên ở khắp nơi đã tổ chức mít-tinh biểu tình phản đối đế quốc Mỹ và bọn tay sai, đòi quân đội Mỹ phải rút khỏi Nam Triều-tiên. Nhân dân miền Nam kiên quyết đấu tranh đòi thống nhất đất nước trong hòa bình. Các đoàn thể, các tầng lớp nhân dân đã nhiệt liệt hưởng ứng cuộc đấu tranh này và tỏ rõ quyết tâm chống lại mọi âm mưu xâm lược của đế quốc. Trong mấy ngày qua, hàng triệu nhân dân Triều-tiên ở khắp nơi đã tổ chức mít-tinh biểu tình phản đối đế quốc Mỹ và bọn tay sai, đòi quân đội Mỹ phải rút khỏi Nam Triều-tiên. Nhân dân miền Nam kiên quyết đấu tranh đòi thống nhất đất nước trong hòa bình. Các đoàn thể, các tầng lớp nhân dân đã nhiệt liệt hưởng ứng cuộc đấu tranh này và tỏ rõ quyết tâm chống lại mọi âm mưu xâm lược của đế quốc.
Trong mấy ngày qua, hàng triệu nhân dân Triều-tiên ở khắp nơi đã tổ chức mít-tinh biểu tình phản đối đế quốc Mỹ và bọn tay sai, đòi quân đội Mỹ phải rút khỏi Nam Triều-tiên. Nhân dân miền Nam kiên quyết đấu tranh đòi thống nhất đất nước trong hòa bình. Các đoàn thể, các tầng lớp nhân dân đã nhiệt liệt hưởng ứng cuộc đấu tranh này và tỏ rõ quyết tâm chống lại mọi âm mưu xâm lược của đế quốc. Trong mấy ngày qua, hàng triệu nhân dân Triều-tiên ở khắp nơi đã tổ chức mít-tinh biểu tình phản đối đế quốc Mỹ và bọn tay sai, đòi quân đội Mỹ phải rút khỏi Nam Triều-tiên. Nhân dân miền Nam kiên quyết đấu tranh đòi thống nhất đất nước trong hòa bình. Các đoàn thể, các tầng lớp nhân dân đã nhiệt liệt hưởng ứng cuộc đấu tranh này và tỏ rõ quyết tâm chống lại mọi âm mưu xâm lược của đế quốc. Trong mấy ngày qua, hàng triệu nhân dân Triều-tiên ở khắp nơi đã tổ chức mít-tinh biểu tình phản đối đế quốc Mỹ và bọn tay sai, đòi quân đội Mỹ phải rút khỏi Nam Triều-tiên. Nhân dân miền Nam kiên quyết đấu tranh đòi thống nhất đất nước trong hòa bình. Các đoàn thể, các tầng lớp nhân dân đã nhiệt liệt hưởng ứng cuộc đấu tranh này và tỏ rõ quyết tâm chống lại mọi âm mưu xâm lược của đế quốc. Trong mấy ngày qua, hàng triệu nhân dân Triều-tiên ở khắp nơi đã tổ chức mít-tinh biểu tình phản đối đế quốc Mỹ và bọn tay sai, đòi quân đội Mỹ phải rút khỏi Nam Triều-tiên. Nhân dân miền Nam kiên quyết đấu tranh đòi thống nhất đất nước trong hòa bình. Các đoàn thể, các tầng lớp nhân dân đã nhiệt liệt hưởng ứng cuộc đấu tranh này và tỏ rõ quyết tâm chống lại mọi âm mưu xâm lược của đế quốc.
PHÓ CHỦ TỊCH TÔN-ĐỨC-THẮNG...
Trong mấy ngày qua, hàng triệu nhân dân Triều-tiên ở khắp nơi đã tổ chức mít-tinh biểu tình phản đối đế quốc Mỹ và bọn tay sai, đòi quân đội Mỹ phải rút khỏi Nam Triều-tiên. Nhân dân miền Nam kiên quyết đấu tranh đòi thống nhất đất nước trong hòa bình. Các đoàn thể, các tầng lớp nhân dân đã nhiệt liệt hưởng ứng cuộc đấu tranh này và tỏ rõ quyết tâm chống lại mọi âm mưu xâm lược của đế quốc. Trong mấy ngày qua, hàng triệu nhân dân Triều-tiên ở khắp nơi đã tổ chức mít-tinh biểu tình phản đối đế quốc Mỹ và bọn tay sai, đòi quân đội Mỹ phải rút khỏi Nam Triều-tiên. Nhân dân miền Nam kiên quyết đấu tranh đòi thống nhất đất nước trong hòa bình. Các đoàn thể, các tầng lớp nhân dân đã nhiệt liệt hưởng ứng cuộc đấu tranh này và tỏ rõ quyết tâm chống lại mọi âm mưu xâm lược của đế quốc. Trong mấy ngày qua, hàng triệu nhân dân Triều-tiên ở khắp nơi đã tổ chức mít-tinh biểu tình phản đối đế quốc Mỹ và bọn tay sai, đòi quân đội Mỹ phải rút khỏi Nam Triều-tiên. Nhân dân miền Nam kiên quyết đấu tranh đòi thống nhất đất nước trong hòa bình. Các đoàn thể, các tầng lớp nhân dân đã nhiệt liệt hưởng ứng cuộc đấu tranh này và tỏ rõ quyết tâm chống lại mọi âm mưu xâm lược của đế quốc. Trong mấy ngày qua, hàng triệu nhân dân Triều-tiên ở khắp nơi đã tổ chức mít-tinh biểu tình phản đối đế quốc Mỹ và bọn tay sai, đòi quân đội Mỹ phải rút khỏi Nam Triều-tiên. Nhân dân miền Nam kiên quyết đấu tranh đòi thống nhất đất nước trong hòa bình. Các đoàn thể, các tầng lớp nhân dân đã nhiệt liệt hưởng ứng cuộc đấu tranh này và tỏ rõ quyết tâm chống lại mọi âm mưu xâm lược của đế quốc.
6 trang — Giá : 1 hào
